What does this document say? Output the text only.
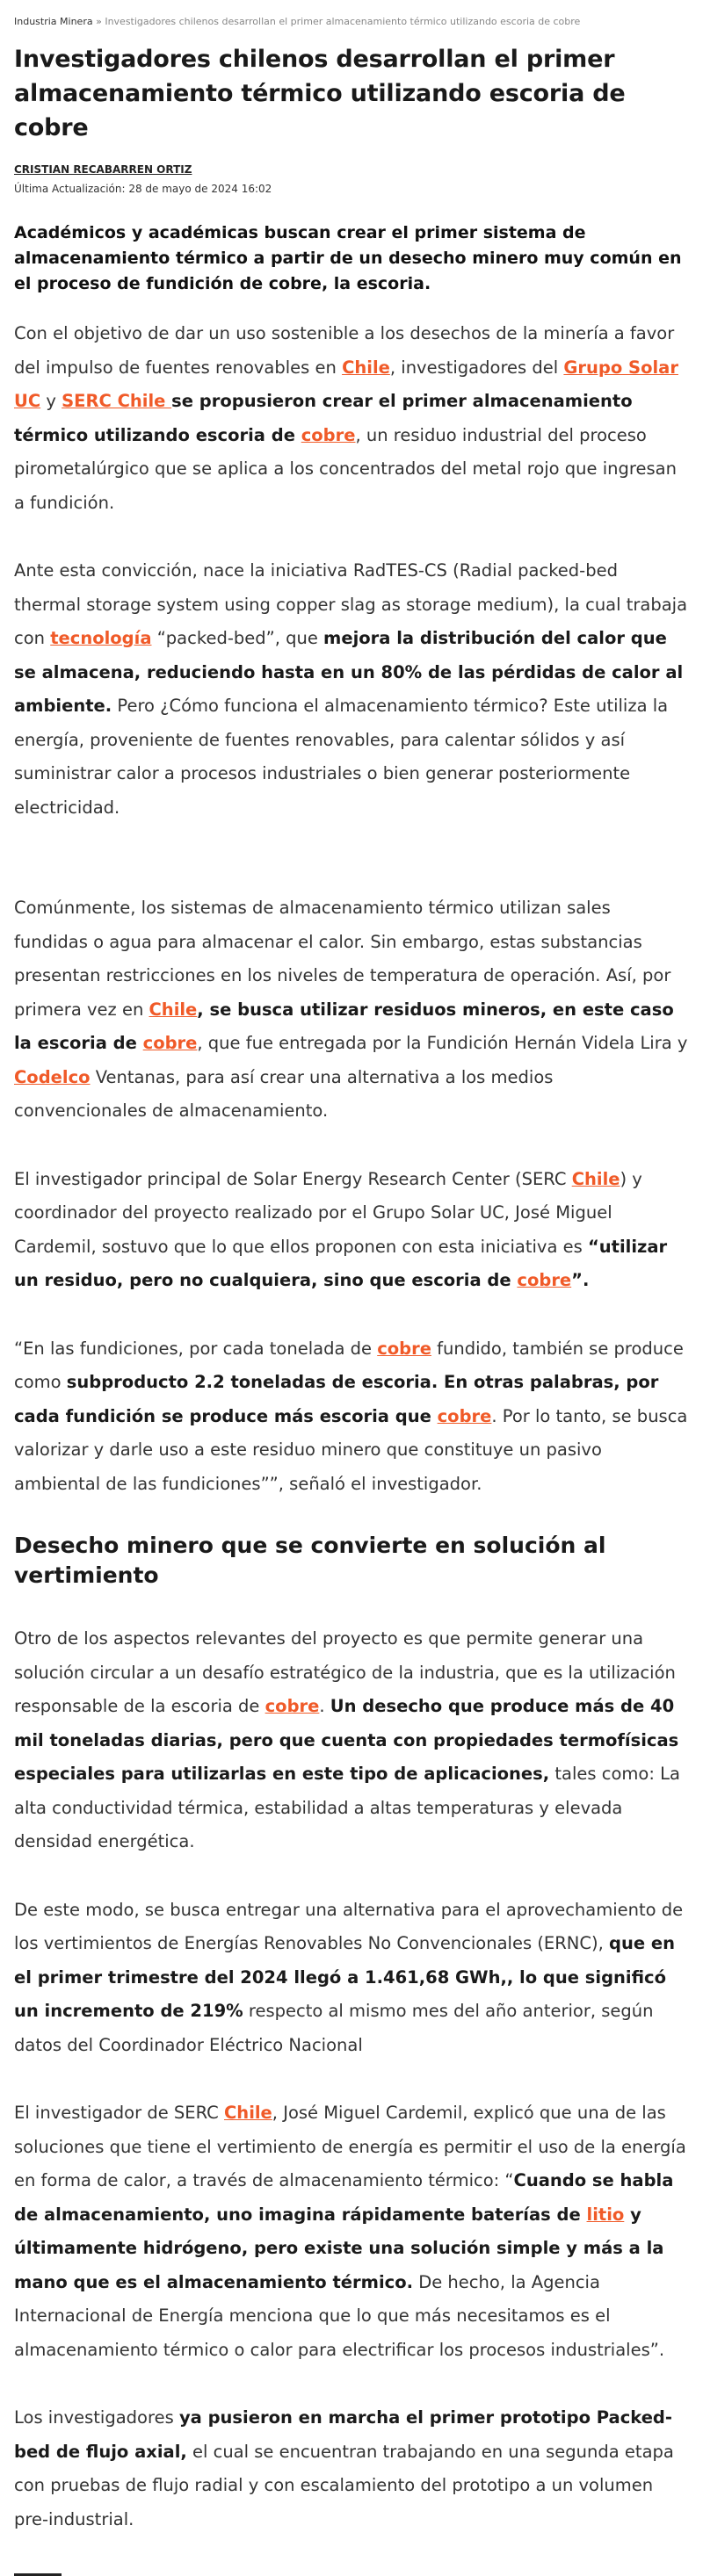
Industria Minera » Investigadores chilenos desarrollan el primer almacenamiento térmico utilizando escoria de cobre
Investigadores chilenos desarrollan el primer almacenamiento térmico utilizando escoria de cobre
CRISTIAN RECABARREN ORTIZ
Última Actualización: 28 de mayo de 2024 16:02

Académicos y académicas buscan crear el primer sistema de almacenamiento térmico a partir de un desecho minero muy común en el proceso de fundición de cobre, la escoria.

Con el objetivo de dar un uso sostenible a los desechos de la minería a favor del impulso de fuentes renovables en Chile, investigadores del Grupo Solar UC y SERC Chile se propusieron crear el primer almacenamiento térmico utilizando escoria de cobre, un residuo industrial del proceso pirometalúrgico que se aplica a los concentrados del metal rojo que ingresan a fundición.

Ante esta convicción, nace la iniciativa RadTES-CS (Radial packed-bed thermal storage system using copper slag as storage medium), la cual trabaja con tecnología “packed-bed”, que mejora la distribución del calor que se almacena, reduciendo hasta en un 80% de las pérdidas de calor al ambiente. Pero ¿Cómo funciona el almacenamiento térmico? Este utiliza la energía, proveniente de fuentes renovables, para calentar sólidos y así suministrar calor a procesos industriales o bien generar posteriormente electricidad.

Comúnmente, los sistemas de almacenamiento térmico utilizan sales fundidas o agua para almacenar el calor. Sin embargo, estas substancias presentan restricciones en los niveles de temperatura de operación. Así, por primera vez en Chile, se busca utilizar residuos mineros, en este caso la escoria de cobre, que fue entregada por la Fundición Hernán Videla Lira y Codelco Ventanas, para así crear una alternativa a los medios convencionales de almacenamiento.

El investigador principal de Solar Energy Research Center (SERC Chile) y coordinador del proyecto realizado por el Grupo Solar UC, José Miguel Cardemil, sostuvo que lo que ellos proponen con esta iniciativa es “utilizar un residuo, pero no cualquiera, sino que escoria de cobre”.

“En las fundiciones, por cada tonelada de cobre fundido, también se produce como subproducto 2.2 toneladas de escoria. En otras palabras, por cada fundición se produce más escoria que cobre. Por lo tanto, se busca valorizar y darle uso a este residuo minero que constituye un pasivo ambiental de las fundiciones””, señaló el investigador.

Desecho minero que se convierte en solución al vertimiento

Otro de los aspectos relevantes del proyecto es que permite generar una solución circular a un desafío estratégico de la industria, que es la utilización responsable de la escoria de cobre. Un desecho que produce más de 40 mil toneladas diarias, pero que cuenta con propiedades termofísicas especiales para utilizarlas en este tipo de aplicaciones, tales como: La alta conductividad térmica, estabilidad a altas temperaturas y elevada densidad energética.

De este modo, se busca entregar una alternativa para el aprovechamiento de los vertimientos de Energías Renovables No Convencionales (ERNC), que en el primer trimestre del 2024 llegó a 1.461,68 GWh,, lo que significó un incremento de 219% respecto al mismo mes del año anterior, según datos del Coordinador Eléctrico Nacional

El investigador de SERC Chile, José Miguel Cardemil, explicó que una de las soluciones que tiene el vertimiento de energía es permitir el uso de la energía en forma de calor, a través de almacenamiento térmico: “Cuando se habla de almacenamiento, uno imagina rápidamente baterías de litio y últimamente hidrógeno, pero existe una solución simple y más a la mano que es el almacenamiento térmico. De hecho, la Agencia Internacional de Energía menciona que lo que más necesitamos es el almacenamiento térmico o calor para electrificar los procesos industriales”.

Los investigadores ya pusieron en marcha el primer prototipo Packed-bed de flujo axial, el cual se encuentran trabajando en una segunda etapa con pruebas de flujo radial y con escalamiento del prototipo a un volumen pre-industrial.
